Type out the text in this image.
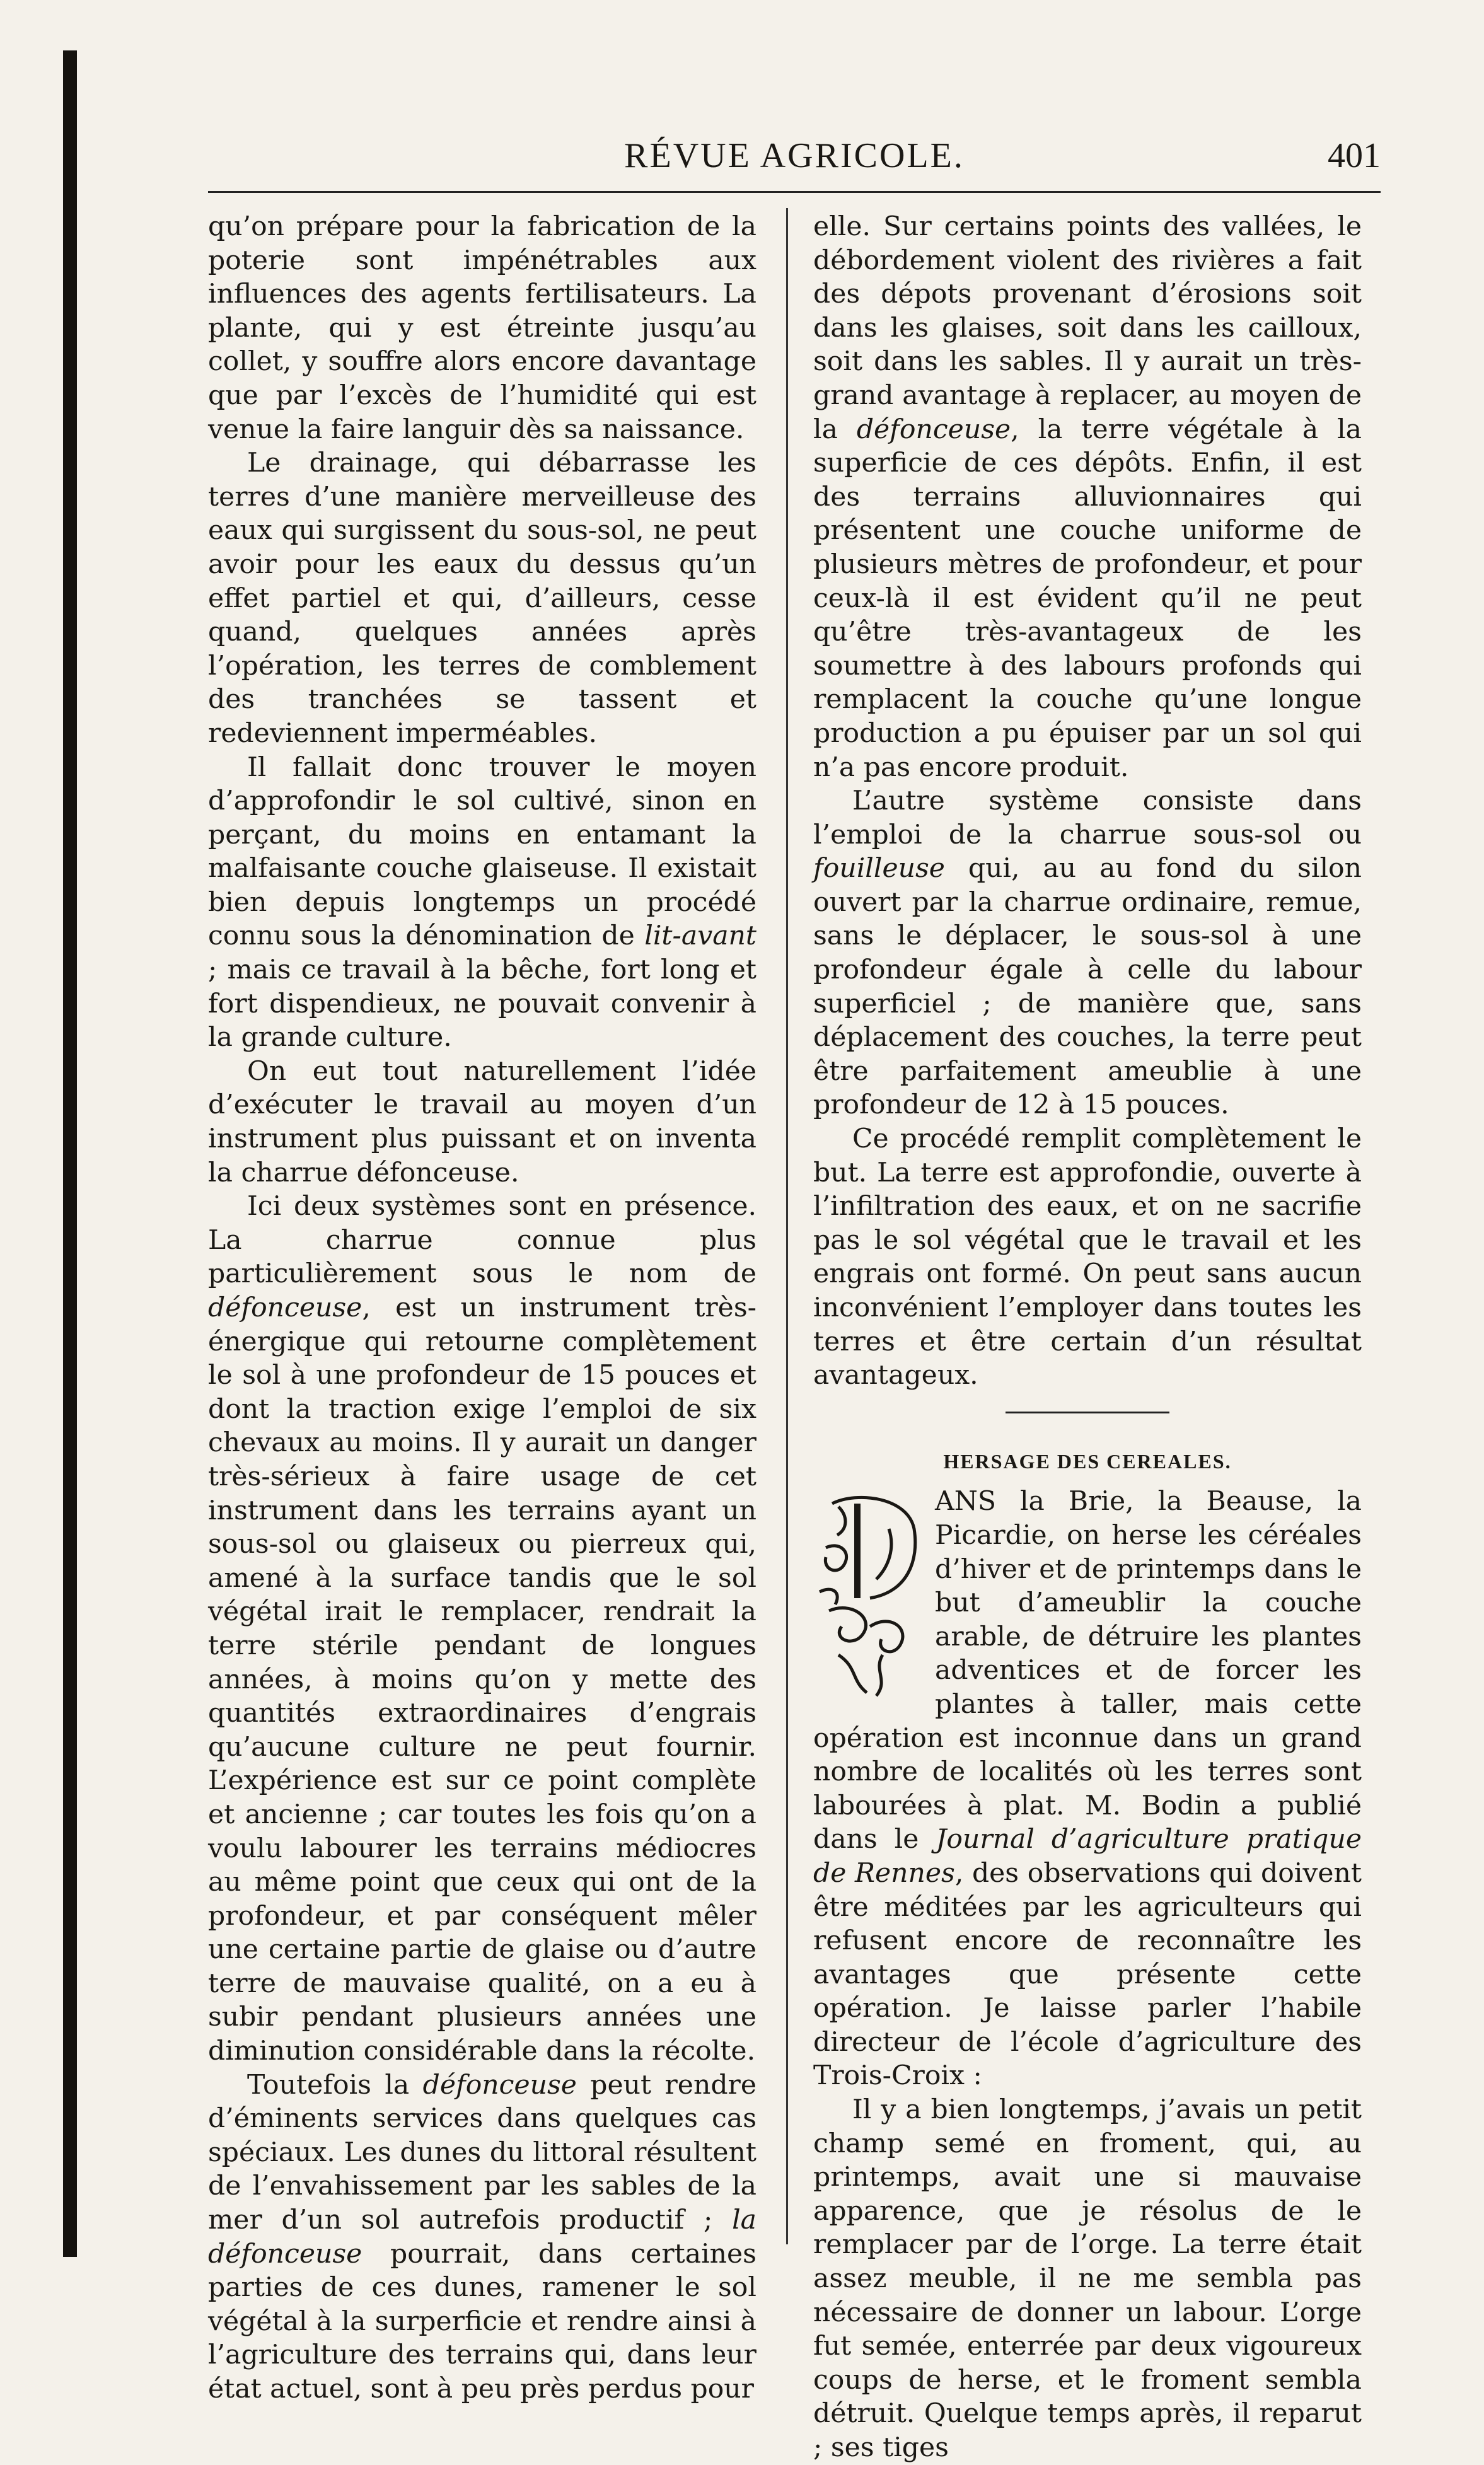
RÉVUE AGRICOLE.	401

qu’on prépare pour la fabrication de la poterie sont impénétrables aux influences des agents fertilisateurs. La plante, qui y est étreinte jusqu’au collet, y souffre alors encore davantage que par l’excès de l’humidité qui est venue la faire languir dès sa naissance.

Le drainage, qui débarrasse les terres d’une manière merveilleuse des eaux qui surgissent du sous-sol, ne peut avoir pour les eaux du dessus qu’un effet partiel et qui, d’ailleurs, cesse quand, quelques années après l’opération, les terres de comblement des tranchées se tassent et redeviennent imperméables.

Il fallait donc trouver le moyen d’approfondir le sol cultivé, sinon en perçant, du moins en entamant la malfaisante couche glaiseuse. Il existait bien depuis longtemps un procédé connu sous la dénomination de lit-avant ; mais ce travail à la bêche, fort long et fort dispendieux, ne pouvait convenir à la grande culture.

On eut tout naturellement l’idée d’exécuter le travail au moyen d’un instrument plus puissant et on inventa la charrue défonceuse.

Ici deux systèmes sont en présence. La charrue connue plus particulièrement sous le nom de défonceuse, est un instrument très-énergique qui retourne complètement le sol à une profondeur de 15 pouces et dont la traction exige l’emploi de six chevaux au moins. Il y aurait un danger très-sérieux à faire usage de cet instrument dans les terrains ayant un sous-sol ou glaiseux ou pierreux qui, amené à la surface tandis que le sol végétal irait le remplacer, rendrait la terre stérile pendant de longues années, à moins qu’on y mette des quantités extraordinaires d’engrais qu’aucune culture ne peut fournir. L’expérience est sur ce point complète et ancienne ; car toutes les fois qu’on a voulu labourer les terrains médiocres au même point que ceux qui ont de la profondeur, et par conséquent mêler une certaine partie de glaise ou d’autre terre de mauvaise qualité, on a eu à subir pendant plusieurs années une diminution considérable dans la récolte.

Toutefois la défonceuse peut rendre d’éminents services dans quelques cas spéciaux. Les dunes du littoral résultent de l’envahissement par les sables de la mer d’un sol autrefois productif ; la défonceuse pourrait, dans certaines parties de ces dunes, ramener le sol végétal à la surperficie et rendre ainsi à l’agriculture des terrains qui, dans leur état actuel, sont à peu près perdus pour

elle. Sur certains points des vallées, le débordement violent des rivières a fait des dépots provenant d’érosions soit dans les glaises, soit dans les cailloux, soit dans les sables. Il y aurait un très-grand avantage à replacer, au moyen de la défonceuse, la terre végétale à la superficie de ces dépôts. Enfin, il est des terrains alluvionnaires qui présentent une couche uniforme de plusieurs mètres de profondeur, et pour ceux-là il est évident qu’il ne peut qu’être très-avantageux de les soumettre à des labours profonds qui remplacent la couche qu’une longue production a pu épuiser par un sol qui n’a pas encore produit.

L’autre système consiste dans l’emploi de la charrue sous-sol ou fouilleuse qui, au au fond du silon ouvert par la charrue ordinaire, remue, sans le déplacer, le sous-sol à une profondeur égale à celle du labour superficiel ; de manière que, sans déplacement des couches, la terre peut être parfaitement ameublie à une profondeur de 12 à 15 pouces.

Ce procédé remplit complètement le but. La terre est approfondie, ouverte à l’infiltration des eaux, et on ne sacrifie pas le sol végétal que le travail et les engrais ont formé. On peut sans aucun inconvénient l’employer dans toutes les terres et être certain d’un résultat avantageux.

HERSAGE DES CEREALES.

ANS la Brie, la Beause, la Picardie, on herse les céréales d’hiver et de printemps dans le but d’ameublir la couche arable, de détruire les plantes adventices et de forcer les plantes à taller, mais cette opération est inconnue dans un grand nombre de localités où les terres sont labourées à plat. M. Bodin a publié dans le Journal d’agriculture pratique de Rennes, des observations qui doivent être méditées par les agriculteurs qui refusent encore de reconnaître les avantages que présente cette opération. Je laisse parler l’habile directeur de l’école d’agriculture des Trois-Croix :

Il y a bien longtemps, j’avais un petit champ semé en froment, qui, au printemps, avait une si mauvaise apparence, que je résolus de le remplacer par de l’orge. La terre était assez meuble, il ne me sembla pas nécessaire de donner un labour. L’orge fut semée, enterrée par deux vigoureux coups de herse, et le froment sembla détruit. Quelque temps après, il reparut ; ses tiges
